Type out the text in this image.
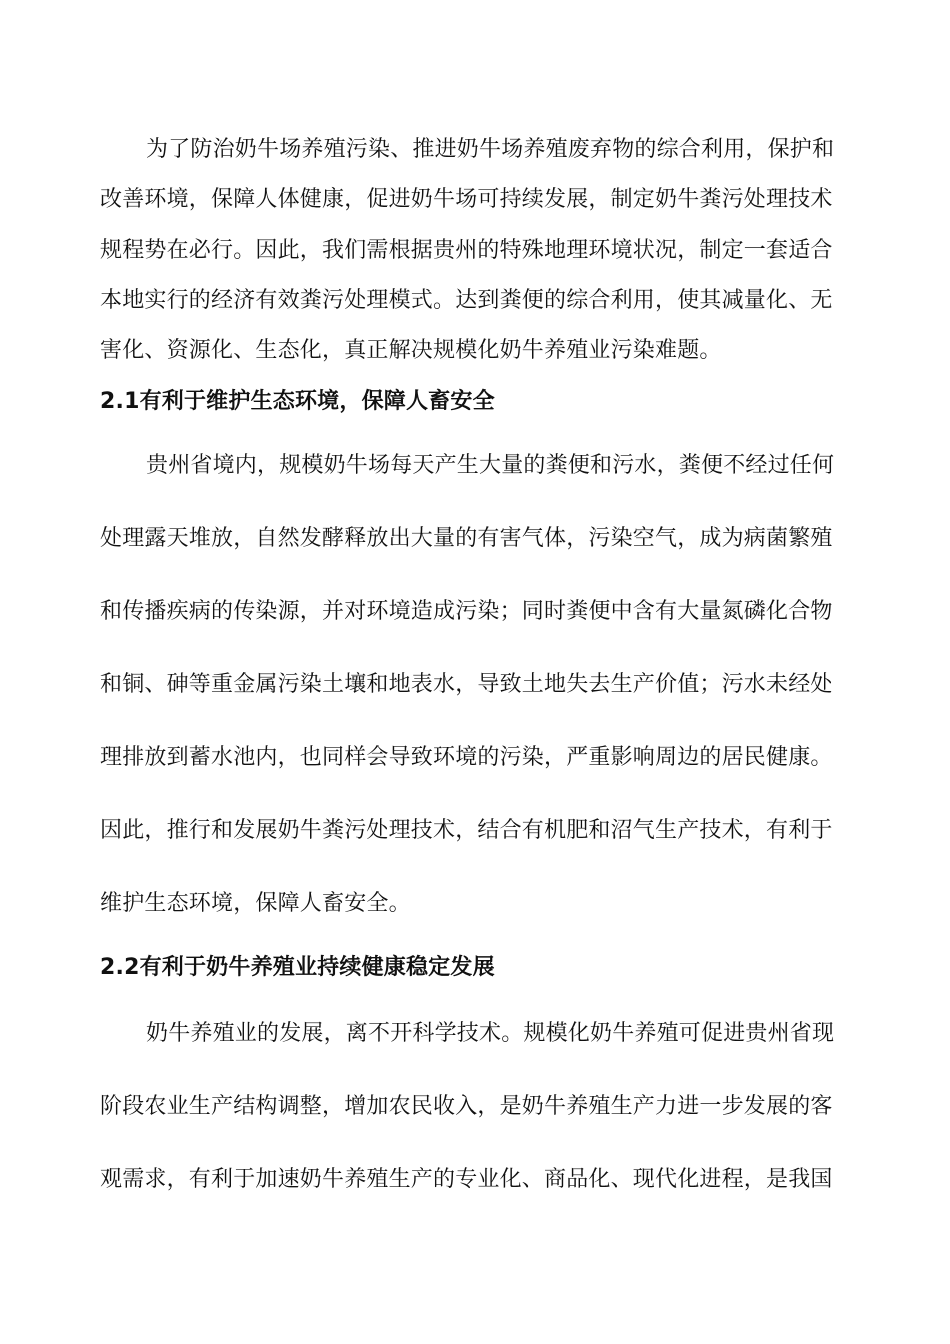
为了防治奶牛场养殖污染、推进奶牛场养殖废弃物的综合利用，保护和
改善环境，保障人体健康，促进奶牛场可持续发展，制定奶牛粪污处理技术
规程势在必行。因此，我们需根据贵州的特殊地理环境状况，制定一套适合
本地实行的经济有效粪污处理模式。达到粪便的综合利用，使其减量化、无
害化、资源化、生态化，真正解决规模化奶牛养殖业污染难题。
2.1有利于维护生态环境，保障人畜安全
贵州省境内，规模奶牛场每天产生大量的粪便和污水，粪便不经过任何
处理露天堆放，自然发酵释放出大量的有害气体，污染空气，成为病菌繁殖
和传播疾病的传染源，并对环境造成污染；同时粪便中含有大量氮磷化合物
和铜、砷等重金属污染土壤和地表水，导致土地失去生产价值；污水未经处
理排放到蓄水池内，也同样会导致环境的污染，严重影响周边的居民健康。
因此，推行和发展奶牛粪污处理技术，结合有机肥和沼气生产技术，有利于
维护生态环境，保障人畜安全。
2.2有利于奶牛养殖业持续健康稳定发展
奶牛养殖业的发展，离不开科学技术。规模化奶牛养殖可促进贵州省现
阶段农业生产结构调整，增加农民收入，是奶牛养殖生产力进一步发展的客
观需求，有利于加速奶牛养殖生产的专业化、商品化、现代化进程，是我国
